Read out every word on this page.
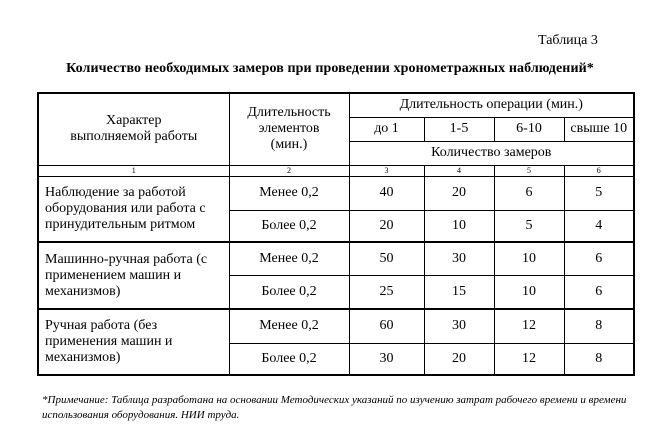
Таблица 3
Количество необходимых замеров при проведении хронометражных наблюдений*
Характер выполняемой работы	Длительность элементов (мин.)	Длительность операции (мин.)			
		до 1	1-5	6-10	свыше 10
		Количество замеров			
1	2	3	4	5	6
Наблюдение за работой оборудования или работа с принудительным ритмом	Менее 0,2	40	20	6	5
	Более 0,2	20	10	5	4
Машинно-ручная работа (с применением машин и механизмов)	Менее 0,2	50	30	10	6
	Более 0,2	25	15	10	6
Ручная работа (без применения машин и механизмов)	Менее 0,2	60	30	12	8
	Более 0,2	30	20	12	8
*Примечание: Таблица разработана на основании Методических указаний по изучению затрат рабочего времени и времени использования оборудования. НИИ труда.
